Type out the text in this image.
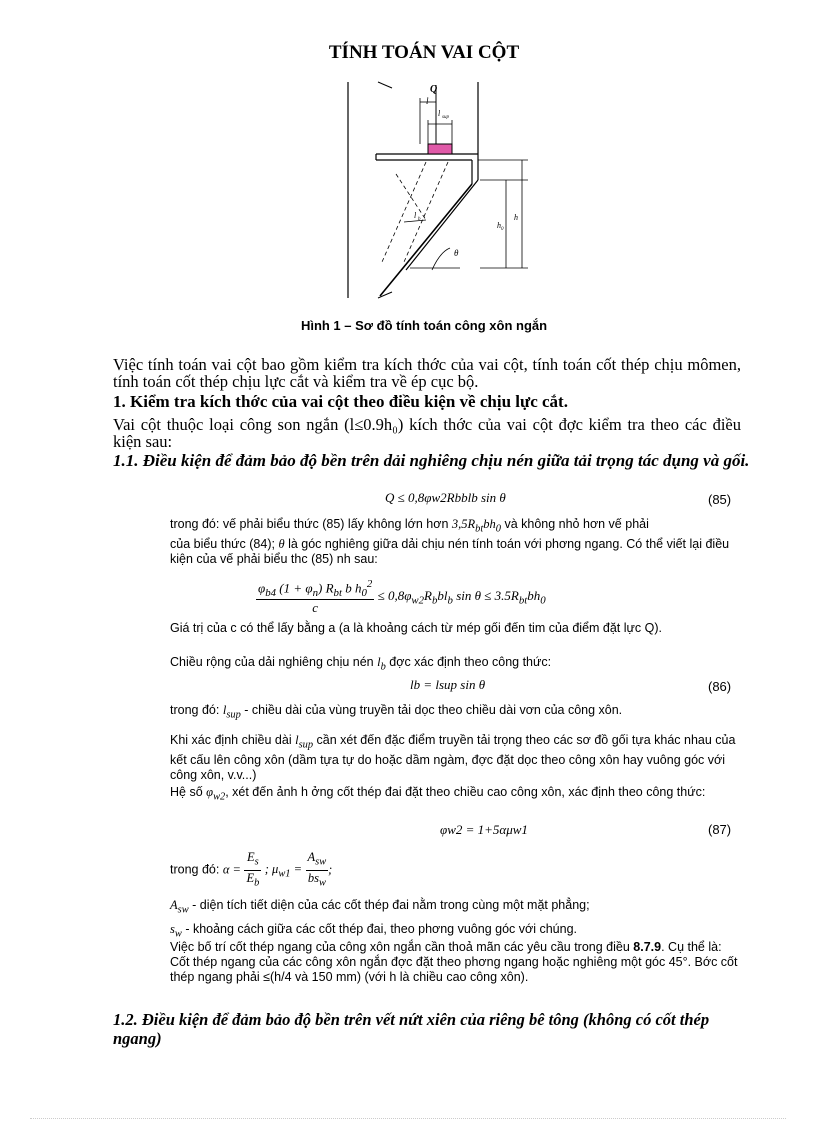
TÍNH TOÁN VAI CỘT
Q
l
l sup
l b
h 0
h
θ
Hình 1 – Sơ đồ tính toán công xôn ngắn
Việc tính toán vai cột bao gồm kiểm tra kích thớc của vai cột, tính toán cốt thép chịu mômen, tính toán cốt thép chịu lực cắt và kiểm tra về ép cục bộ.
1. Kiểm tra kích thớc của vai cột theo điều kiện về chịu lực cắt.
Vai cột thuộc loại công son ngắn (l≤0.9h₀) kích thớc của vai cột đợc kiểm tra theo các điều kiện sau:
1.1. Điều kiện để đảm bảo độ bền trên dải nghiêng chịu nén giữa tải trọng tác dụng và gối.
Q ≤ 0,8φw2Rbblb sin θ	(85)
trong đó: vế phải biểu thức (85) lấy không lớn hơn $3,5R_{bt}bh_0$ và không nhỏ hơn vế phải
của biểu thức (84); θ là góc nghiêng giữa dải chịu nén tính toán với phơng ngang. Có thể viết lại điều kiện của vế phải biểu thc (85) nh sau:
$\frac{\varphi_{b4} (1 + \varphi_n) R_{bt} b h_0^2}{c} \le 0,8\varphi_{w2}R_bbl_b$ $\sin \theta \le 3.5R_{bt}bh_0$
Giá trị của c có thể lấy bằng a (a là khoảng cách từ mép gối đến tim của điểm đặt lực Q).
Chiều rộng của dải nghiêng chịu nén $l_b$ đợc xác định theo công thức:
lb = lsup sin θ	(86)
trong đó: $l_{sup}$ - chiều dài của vùng truyền tải dọc theo chiều dài vơn của công xôn.
Khi xác định chiều dài $l_{sup}$ cần xét đến đặc điểm truyền tải trọng theo các sơ đồ gối tựa khác nhau của kết cấu lên công xôn (dầm tựa tự do hoặc dầm ngàm, đợc đặt dọc theo công xôn hay vuông góc với công xôn, v.v...)
Hệ số $\varphi_{w2}$, xét đến ảnh h ởng cốt thép đai đặt theo chiều cao công xôn, xác định theo công thức:
φw2 = 1+5αμw1	(87)
trong đó: $\alpha = \frac{E_s}{E_b}$ ; $\mu_{w1} = \frac{A_{sw}}{bs_w}$ ;
$A_{sw}$ - diện tích tiết diện của các cốt thép đai nằm trong cùng một mặt phẳng;
$s_w$ - khoảng cách giữa các cốt thép đai, theo phơng vuông góc với chúng.
Việc bố trí cốt thép ngang của công xôn ngắn cần thoả mãn các yêu cầu trong điều 8.7.9. Cụ thể là: Cốt thép ngang của các công xôn ngắn đợc đặt theo phơng ngang hoặc nghiêng một góc 45°. Bớc cốt thép ngang phải ≤(h/4 và 150 mm) (với h là chiều cao công xôn).
1.2. Điều kiện để đảm bảo độ bền trên vết nứt xiên của riêng bê tông (không có cốt thép ngang)
